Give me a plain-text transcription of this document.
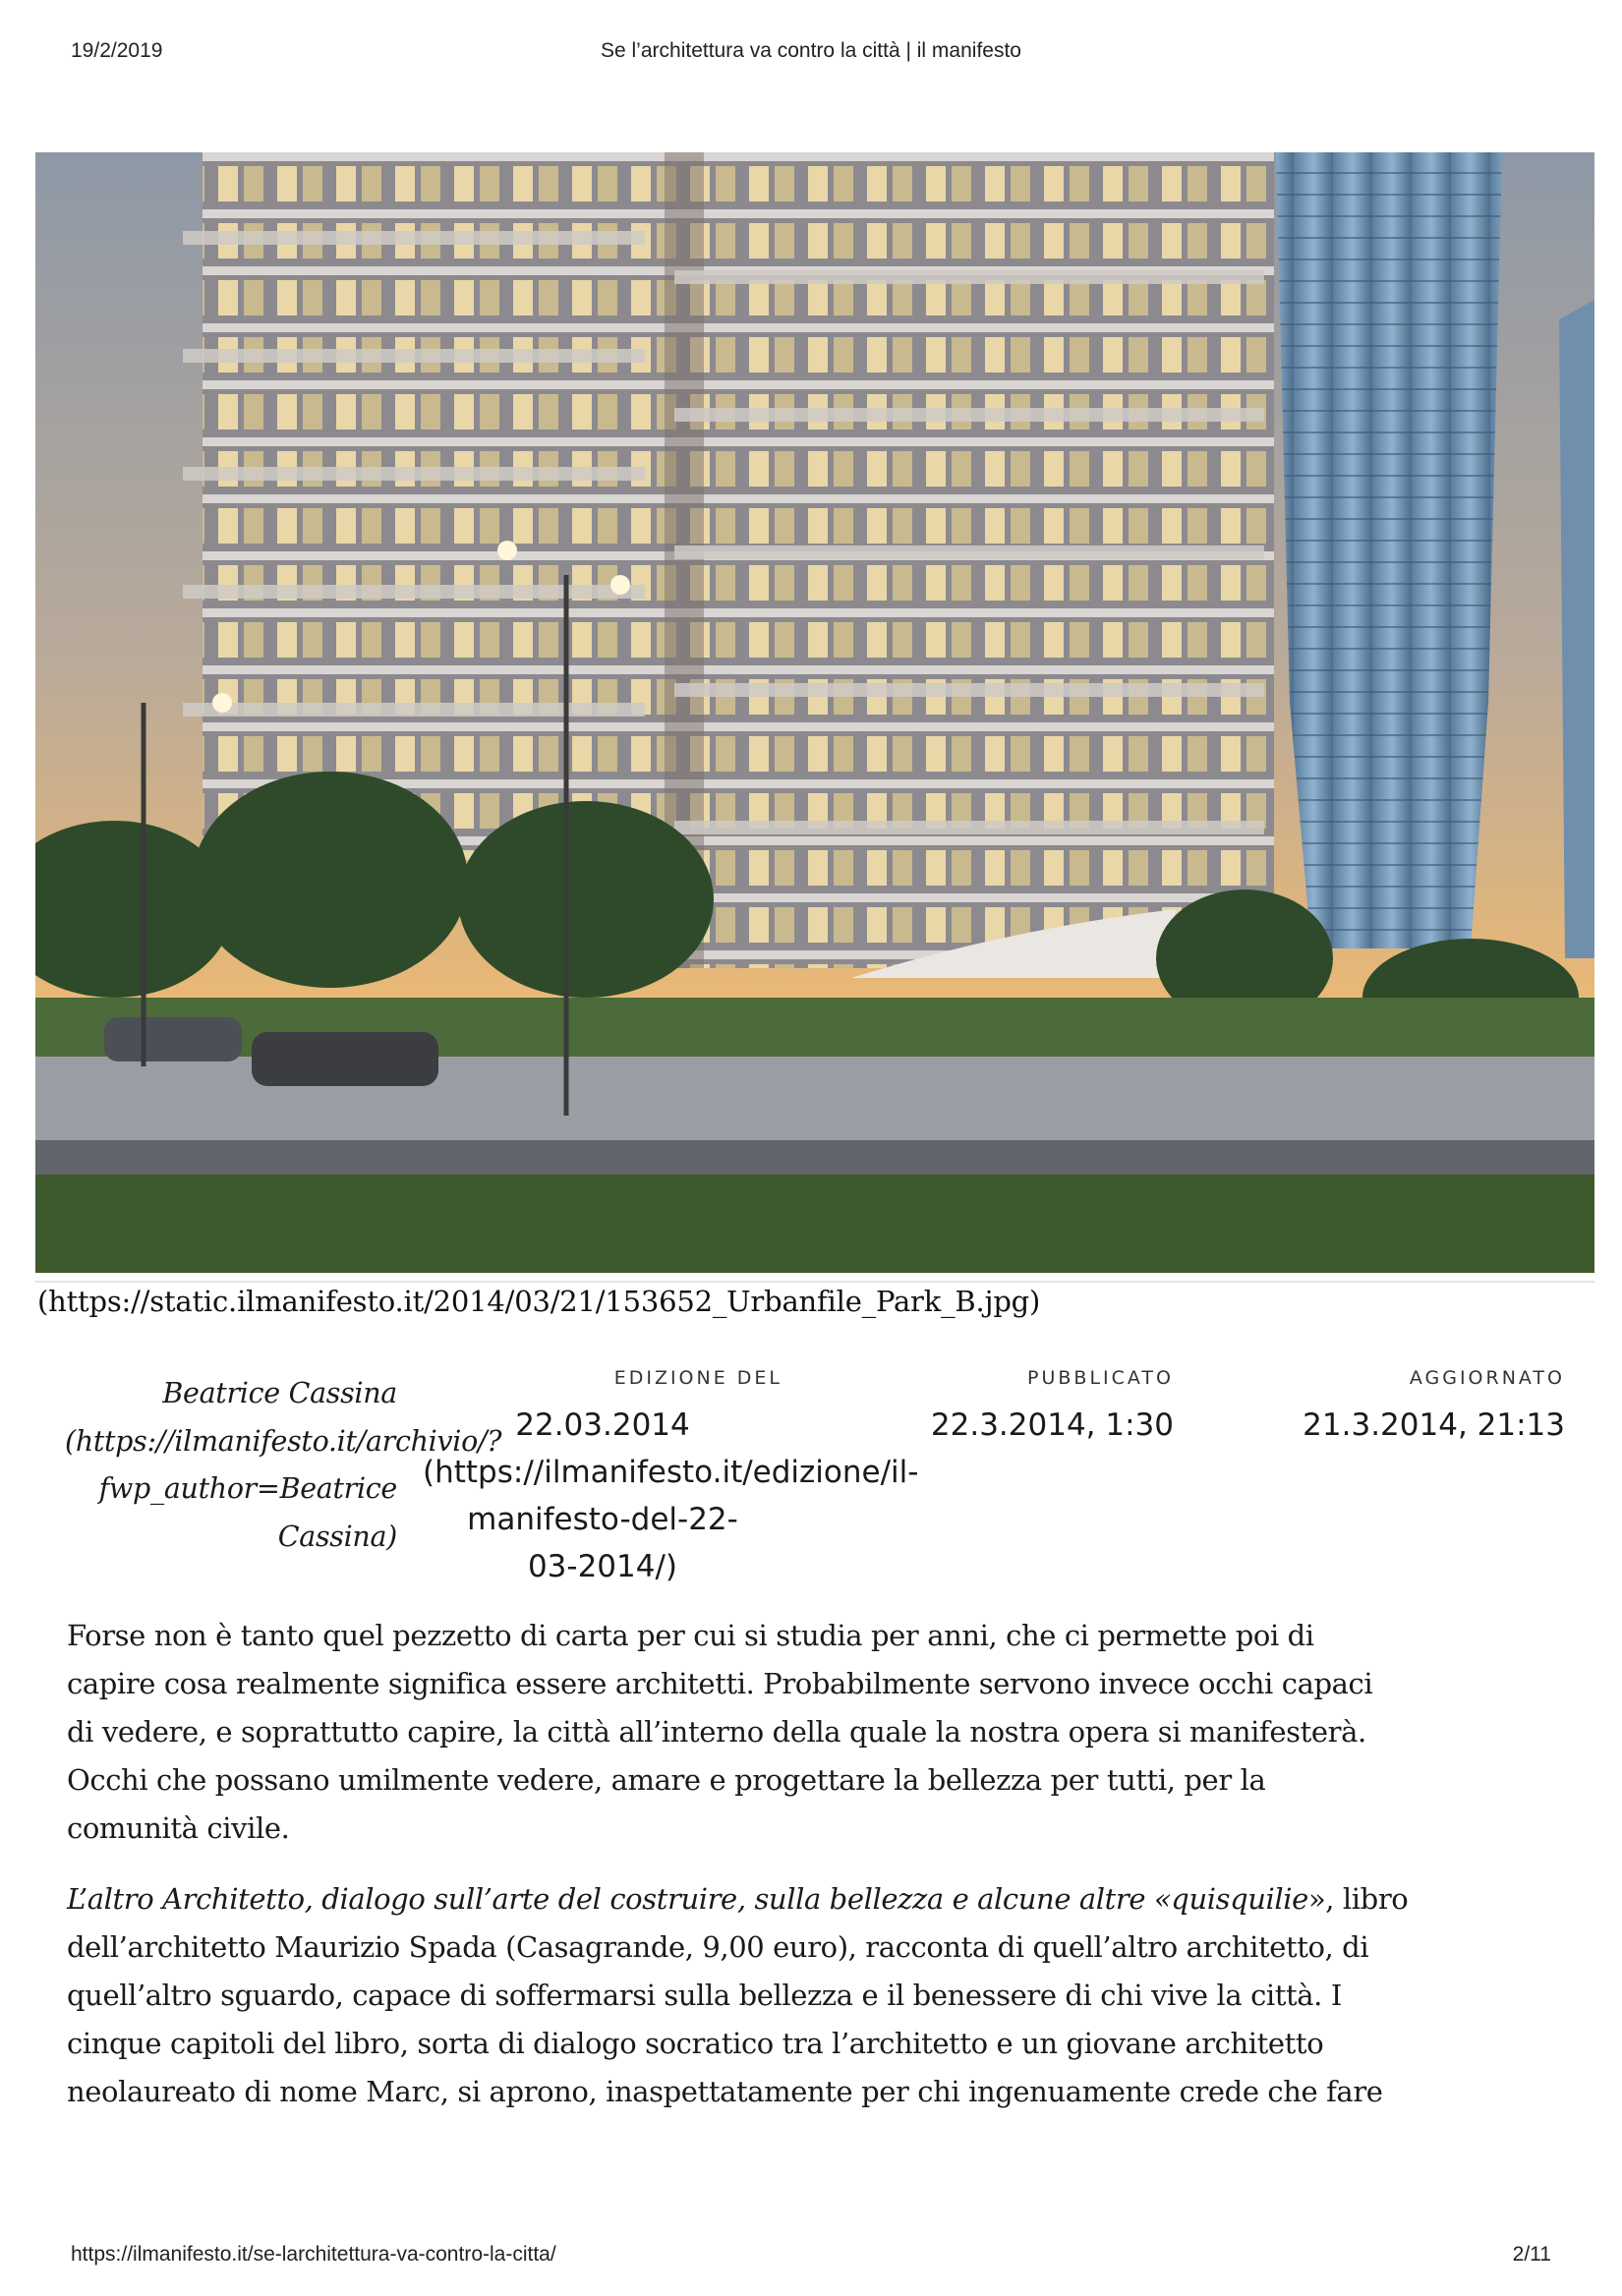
19/2/2019	Se l’architettura va contro la città | il manifesto
(https://static.ilmanifesto.it/2014/03/21/153652_Urbanfile_Park_B.jpg)
Beatrice Cassina
(https://ilmanifesto.it/archivio/?
fwp_author=Beatrice
Cassina)
EDIZIONE DEL
22.03.2014
(https://ilmanifesto.it/edizione/il-
manifesto-del-22-
03-2014/)
PUBBLICATO
22.3.2014, 1:30
AGGIORNATO
21.3.2014, 21:13

Forse non è tanto quel pezzetto di carta per cui si studia per anni, che ci permette poi di
capire cosa realmente significa essere architetti. Probabilmente servono invece occhi capaci
di vedere, e soprattutto capire, la città all’interno della quale la nostra opera si manifesterà.
Occhi che possano umilmente vedere, amare e progettare la bellezza per tutti, per la
comunità civile.

L’altro Architetto, dialogo sull’arte del costruire, sulla bellezza e alcune altre «quisquilie», libro
dell’architetto Maurizio Spada (Casagrande, 9,00 euro), racconta di quell’altro architetto, di
quell’altro sguardo, capace di soffermarsi sulla bellezza e il benessere di chi vive la città. I
cinque capitoli del libro, sorta di dialogo socratico tra l’architetto e un giovane architetto
neolaureato di nome Marc, si aprono, inaspettatamente per chi ingenuamente crede che fare

https://ilmanifesto.it/se-larchitettura-va-contro-la-citta/	2/11
